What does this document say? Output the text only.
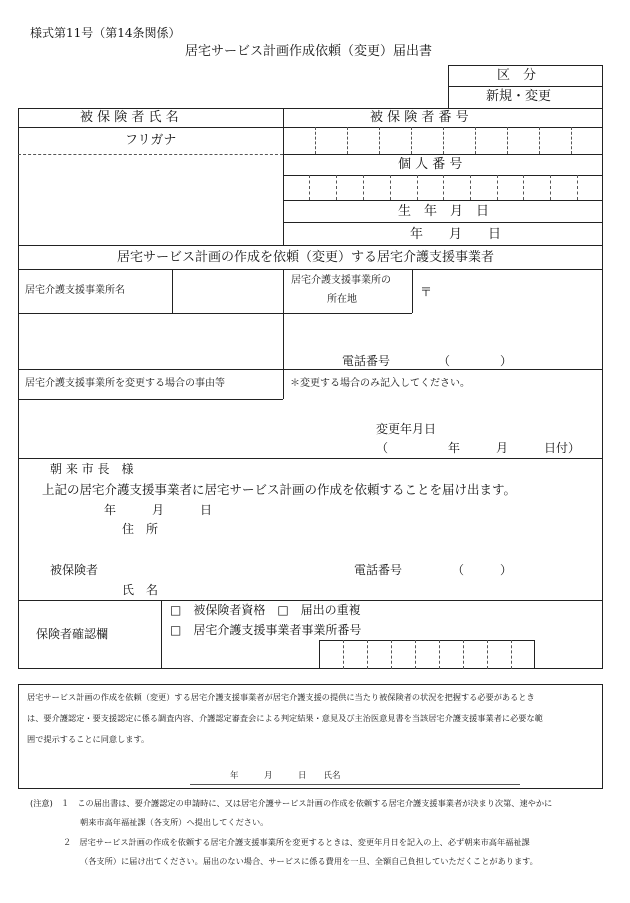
様式第11号（第14条関係）
居宅サービス計画作成依頼（変更）届出書
区　分
新規・変更
被 保 険 者 氏 名	被 保 険 者 番 号
フリガナ
個 人 番 号
生　年　月　日
年　　月　　日
居宅サービス計画の作成を依頼（変更）する居宅介護支援事業者
居宅介護支援事業所名
居宅介護支援事業所の
所在地
〒
電話番号	（	）
居宅介護支援事業所を変更する場合の事由等	＊変更する場合のみ記入してください。
変更年月日
（　　　　　年　　　月　　　日付）
朝 来 市 長　様
上記の居宅介護支援事業者に居宅サービス計画の作成を依頼することを届け出ます。
年　　　月　　　日
住　所
被保険者	電話番号	（　　　）
氏　名
保険者確認欄
□　被保険者資格　□　届出の重複
□　居宅介護支援事業者事業所番号
居宅サービス計画の作成を依頼（変更）する居宅介護支援事業者が居宅介護支援の提供に当たり被保険者の状況を把握する必要があるとき
は、要介護認定・要支援認定に係る調査内容、介護認定審査会による判定結果・意見及び主治医意見書を当該居宅介護支援事業者に必要な範
囲で提示することに同意します。
年　　　月　　　日　　氏名
(注意)　１　この届出書は、要介護認定の申請時に、又は居宅介護サービス計画の作成を依頼する居宅介護支援事業者が決まり次第、速やかに
朝来市高年福祉課（各支所）へ提出してください。
２　居宅サービス計画の作成を依頼する居宅介護支援事業所を変更するときは、変更年月日を記入の上、必ず朝来市高年福祉課
（各支所）に届け出てください。届出のない場合、サービスに係る費用を一旦、全額自己負担していただくことがあります。
